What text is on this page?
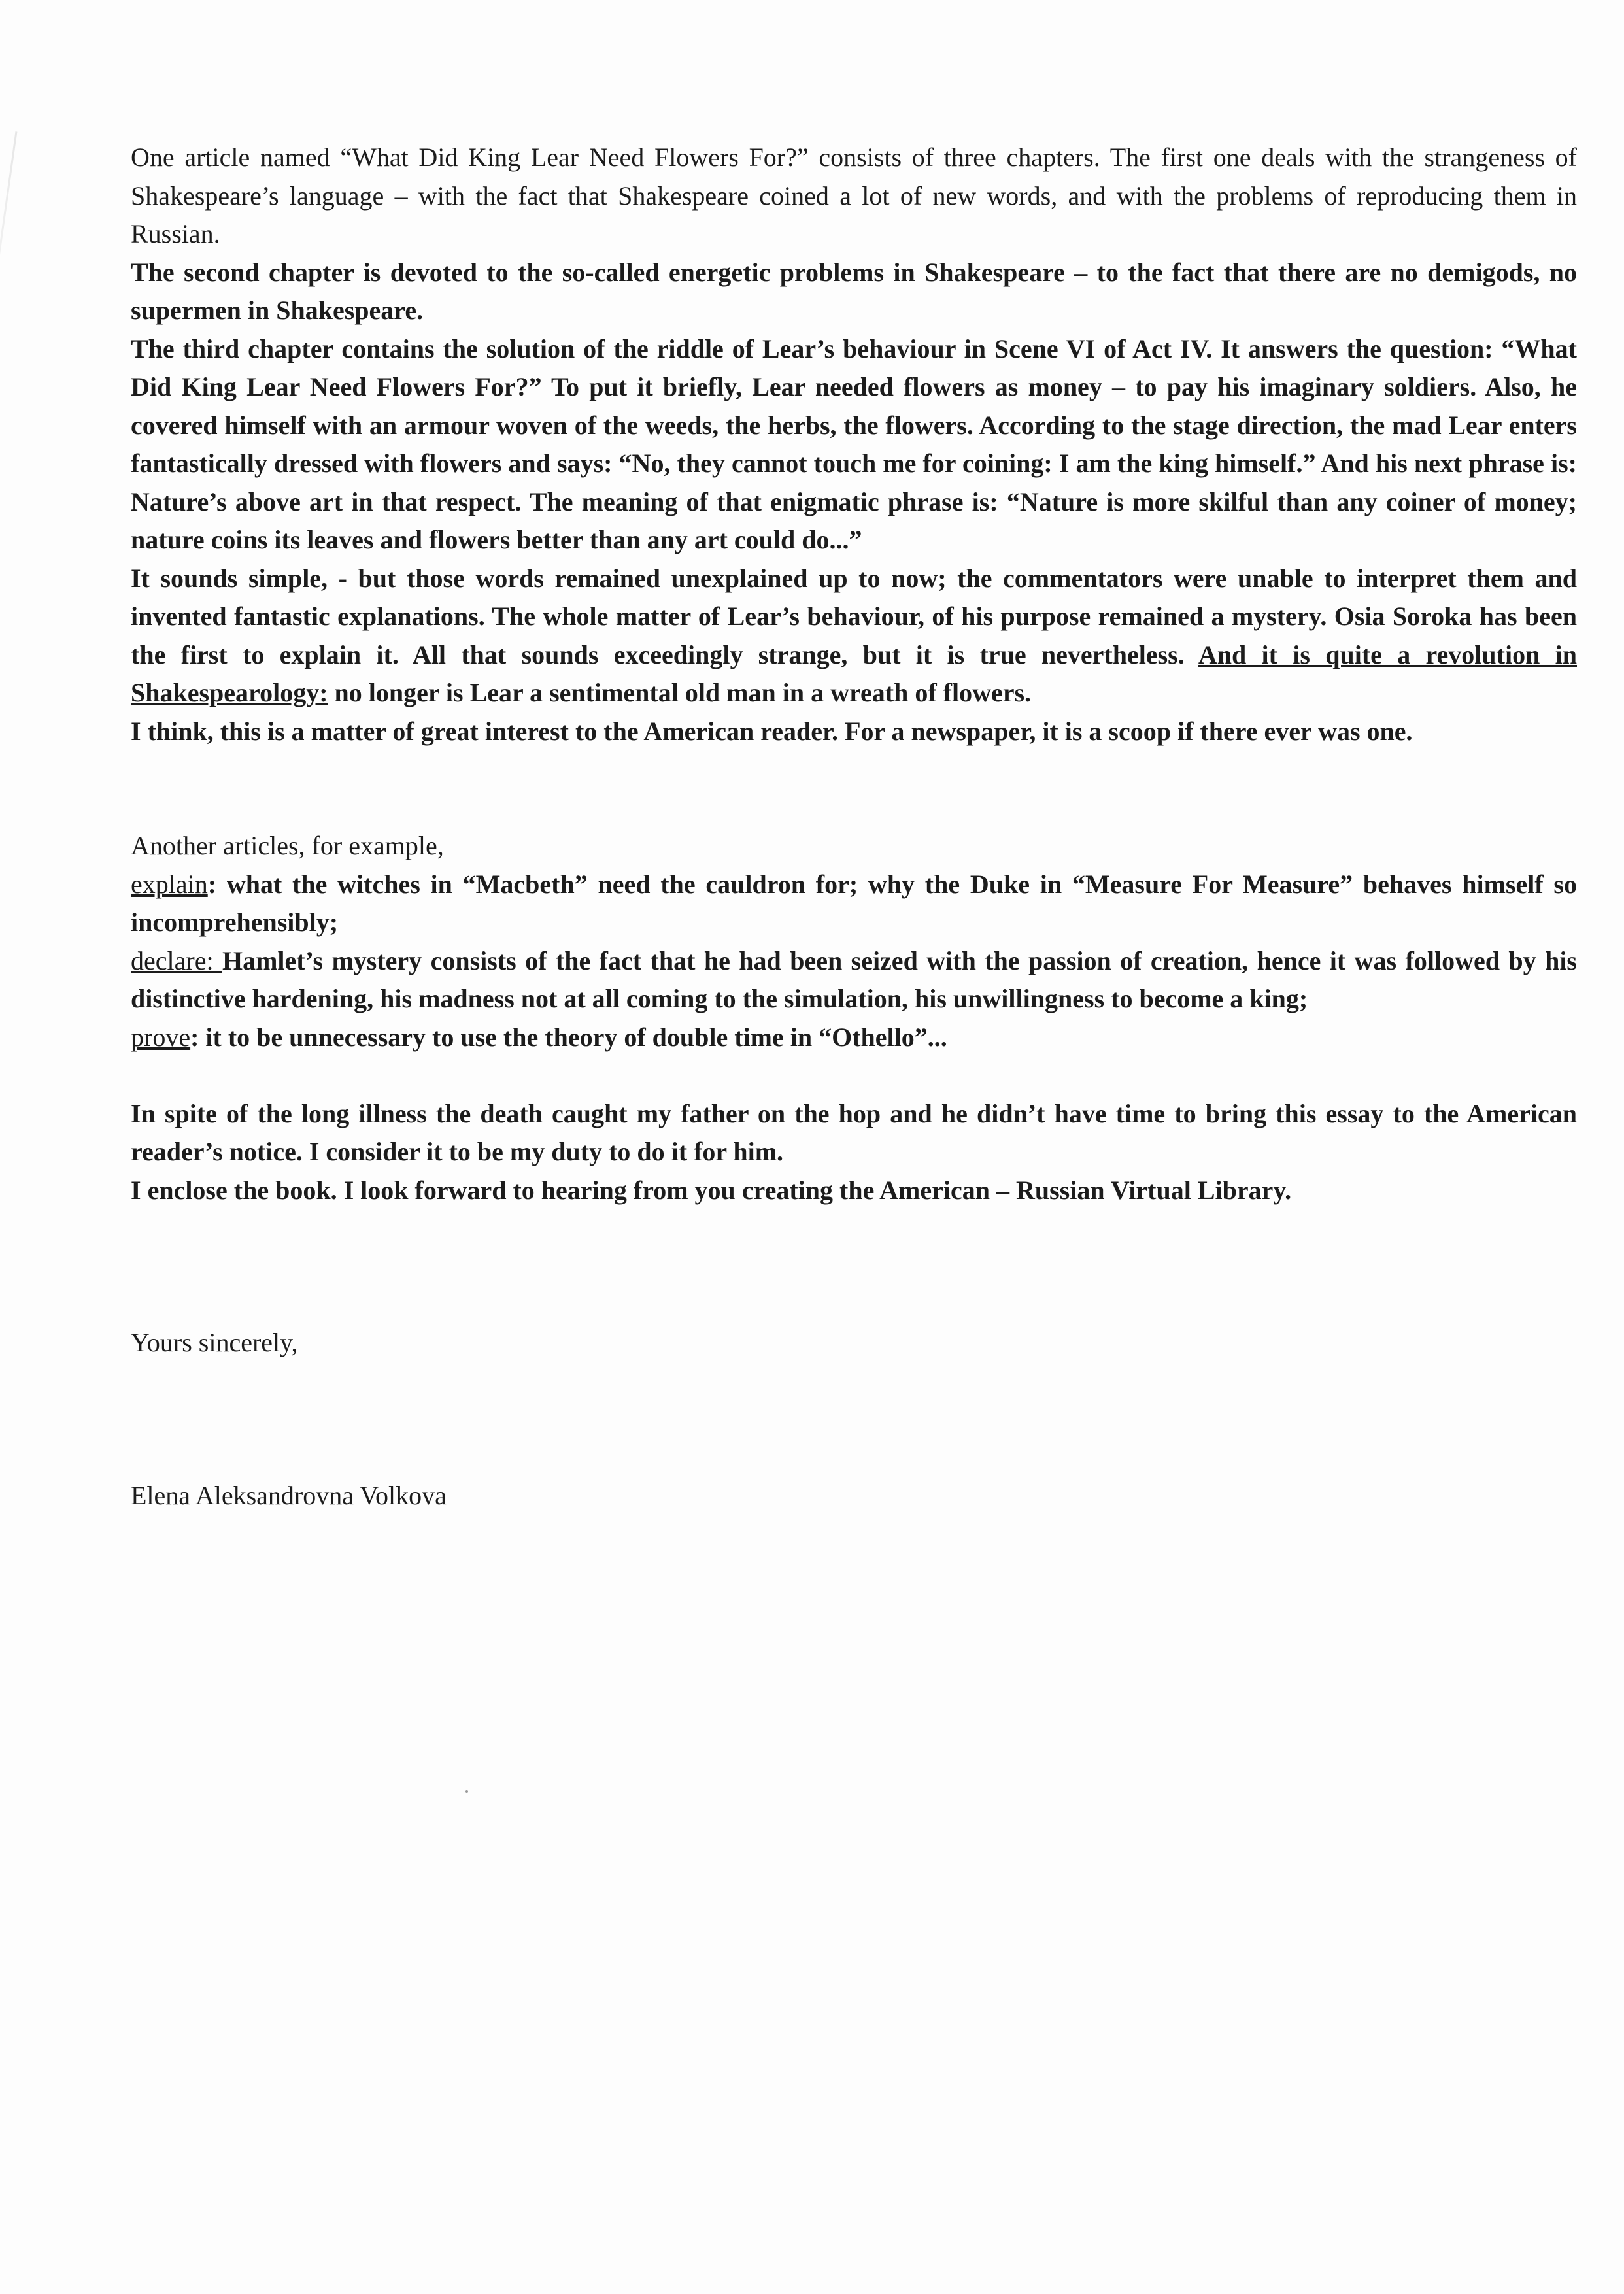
One article named “What Did King Lear Need Flowers For?” consists of three chapters. The first one deals with the strangeness of Shakespeare’s language – with the fact that Shakespeare coined a lot of new words, and with the problems of reproducing them in Russian.

The second chapter is devoted to the so-called energetic problems in Shakespeare – to the fact that there are no demigods, no supermen in Shakespeare.

The third chapter contains the solution of the riddle of Lear’s behaviour in Scene VI of Act IV. It answers the question: “What Did King Lear Need Flowers For?” To put it briefly, Lear needed flowers as money – to pay his imaginary soldiers. Also, he covered himself with an armour woven of the weeds, the herbs, the flowers. According to the stage direction, the mad Lear enters fantastically dressed with flowers and says: “No, they cannot touch me for coining: I am the king himself.” And his next phrase is: Nature’s above art in that respect. The meaning of that enigmatic phrase is: “Nature is more skilful than any coiner of money; nature coins its leaves and flowers better than any art could do...”

It sounds simple, - but those words remained unexplained up to now; the commentators were unable to interpret them and invented fantastic explanations. The whole matter of Lear’s behaviour, of his purpose remained a mystery. Osia Soroka has been the first to explain it. All that sounds exceedingly strange, but it is true nevertheless. And it is quite a revolution in Shakespearology: no longer is Lear a sentimental old man in a wreath of flowers.

I think, this is a matter of great interest to the American reader. For a newspaper, it is a scoop if there ever was one.

Another articles, for example,

explain: what the witches in “Macbeth” need the cauldron for; why the Duke in “Measure For Measure” behaves himself so incomprehensibly;

declare: Hamlet’s mystery consists of the fact that he had been seized with the passion of creation, hence it was followed by his distinctive hardening, his madness not at all coming to the simulation, his unwillingness to become a king;

prove: it to be unnecessary to use the theory of double time in “Othello”...

In spite of the long illness the death caught my father on the hop and he didn’t have time to bring this essay to the American reader’s notice. I consider it to be my duty to do it for him.

I enclose the book. I look forward to hearing from you creating the American – Russian Virtual Library.

Yours sincerely,

Elena Aleksandrovna Volkova
